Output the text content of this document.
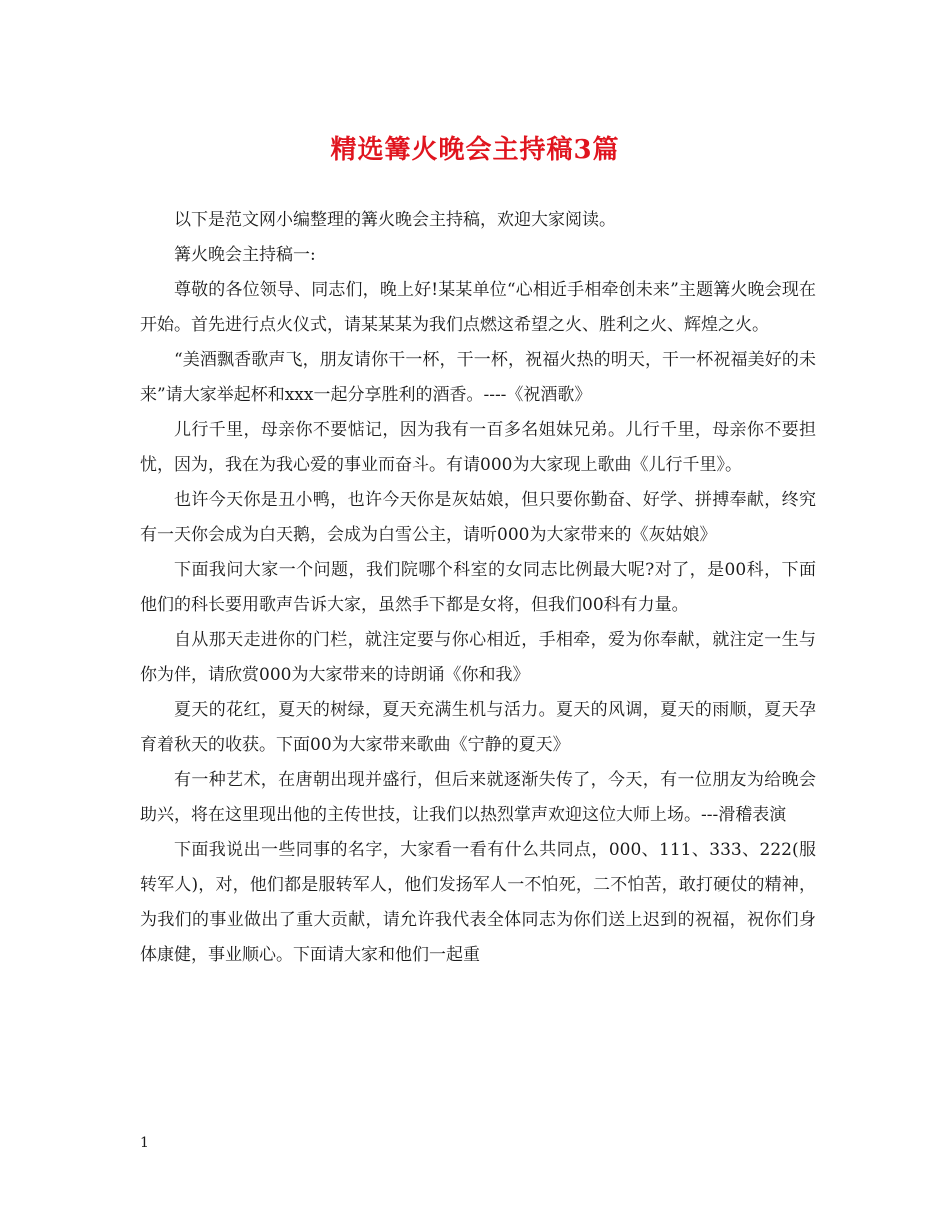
精选篝火晚会主持稿3篇

以下是范文网小编整理的篝火晚会主持稿，欢迎大家阅读。

篝火晚会主持稿一:

尊敬的各位领导、同志们，晚上好!某某单位“心相近手相牵创未来”主题篝火晚会现在开始。首先进行点火仪式，请某某某为我们点燃这希望之火、胜利之火、辉煌之火。

“美酒飘香歌声飞，朋友请你干一杯，干一杯，祝福火热的明天，干一杯祝福美好的未来”请大家举起杯和xxx一起分享胜利的酒香。----《祝酒歌》

儿行千里，母亲你不要惦记，因为我有一百多名姐妹兄弟。儿行千里，母亲你不要担忧，因为，我在为我心爱的事业而奋斗。有请000为大家现上歌曲《儿行千里》。

也许今天你是丑小鸭，也许今天你是灰姑娘，但只要你勤奋、好学、拼搏奉献，终究有一天你会成为白天鹅，会成为白雪公主，请听000为大家带来的《灰姑娘》

下面我问大家一个问题，我们院哪个科室的女同志比例最大呢?对了，是00科，下面他们的科长要用歌声告诉大家，虽然手下都是女将，但我们00科有力量。

自从那天走进你的门栏，就注定要与你心相近，手相牵，爱为你奉献，就注定一生与你为伴，请欣赏000为大家带来的诗朗诵《你和我》

夏天的花红，夏天的树绿，夏天充满生机与活力。夏天的风调，夏天的雨顺，夏天孕育着秋天的收获。下面00为大家带来歌曲《宁静的夏天》

有一种艺术，在唐朝出现并盛行，但后来就逐渐失传了，今天，有一位朋友为给晚会助兴，将在这里现出他的主传世技，让我们以热烈掌声欢迎这位大师上场。---滑稽表演

下面我说出一些同事的名字，大家看一看有什么共同点，000、111、333、222(服转军人)，对，他们都是服转军人，他们发扬军人一不怕死，二不怕苦，敢打硬仗的精神，为我们的事业做出了重大贡献，请允许我代表全体同志为你们送上迟到的祝福，祝你们身体康健，事业顺心。下面请大家和他们一起重

1
